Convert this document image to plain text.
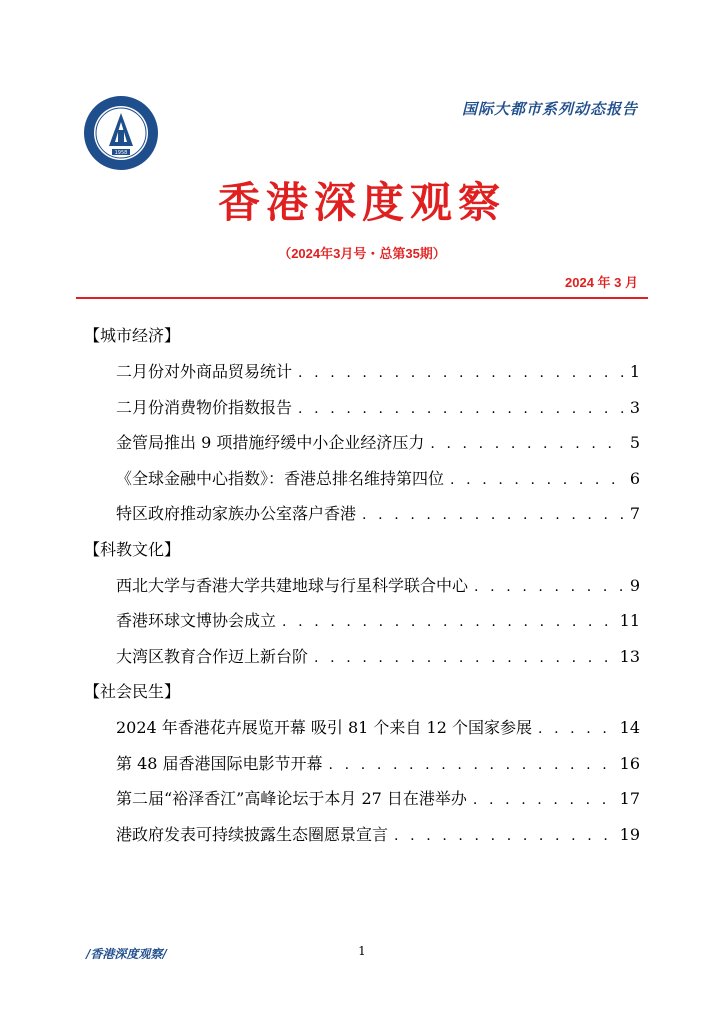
1958
国际大都市系列动态报告
香港深度观察
（2024年3月号・总第35期）
2024 年 3 月
【城市经济】
二月份对外商品贸易统计 . . .	1
二月份消费物价指数报告 . . .	3
金管局推出 9 项措施纾缓中小企业经济压力 . . .	5
《全球金融中心指数》：香港总排名维持第四位 . . .	6
特区政府推动家族办公室落户香港 . . .	7
【科教文化】
西北大学与香港大学共建地球与行星科学联合中心 . . .	9
香港环球文博协会成立 . . .	11
大湾区教育合作迈上新台阶 . . .	13
【社会民生】
2024 年香港花卉展览开幕 吸引 81 个来自 12 个国家参展 . . .	14
第 48 届香港国际电影节开幕 . . .	16
第二届“裕泽香江”高峰论坛于本月 27 日在港举办 . . .	17
港政府发表可持续披露生态圈愿景宣言 . . .	19
/香港深度观察/	1
